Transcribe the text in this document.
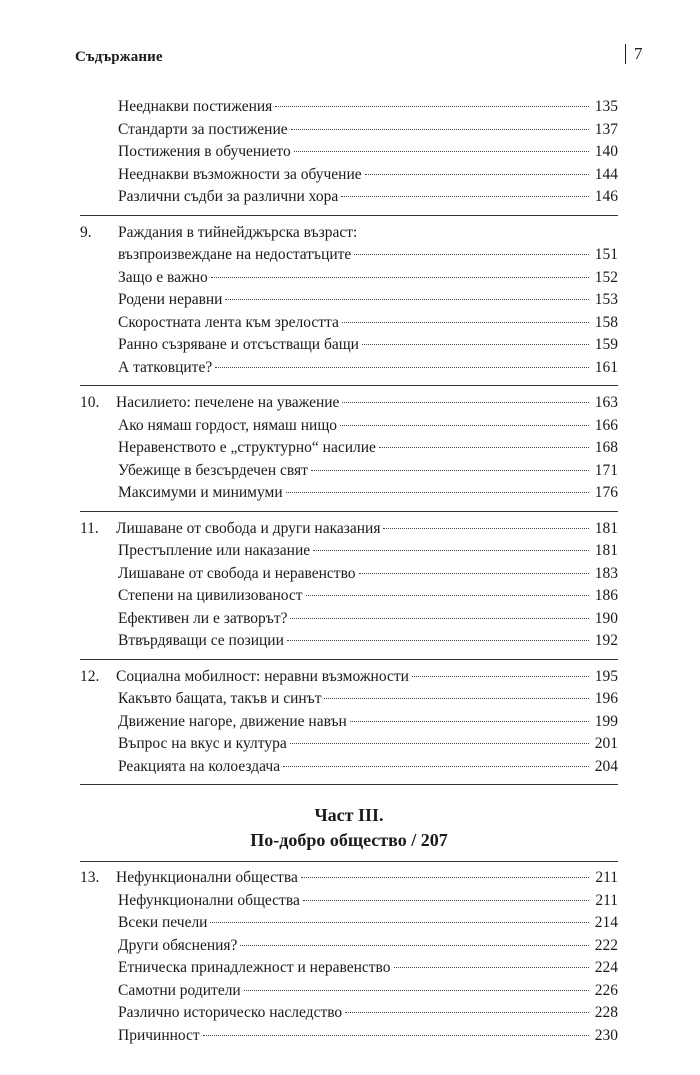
Съдържание	7
Нееднакви постижения	135
Стандарти за постижение	137
Постижения в обучението	140
Нееднакви възможности за обучение	144
Различни съдби за различни хора	146
9.	Раждания в тийнейджърска възраст:
възпроизвеждане на недостатъците	151
Защо е важно	152
Родени неравни	153
Скоростната лента към зрелостта	158
Ранно съзряване и отсъстващи бащи	159
А татковците?	161
10.	Насилието: печелене на уважение	163
Ако нямаш гордост, нямаш нищо	166
Неравенството е „структурно“ насилие	168
Убежище в безсърдечен свят	171
Максимуми и минимуми	176
11.	Лишаване от свобода и други наказания	181
Престъпление или наказание	181
Лишаване от свобода и неравенство	183
Степени на цивилизованост	186
Ефективен ли е затворът?	190
Втвърдяващи се позиции	192
12.	Социална мобилност: неравни възможности	195
Какъвто бащата, такъв и синът	196
Движение нагоре, движение навън	199
Въпрос на вкус и култура	201
Реакцията на колоездача	204
Част III.
По-добро общество / 207
13.	Нефункционални общества	211
Нефункционални общества	211
Всеки печели	214
Други обяснения?	222
Етническа принадлежност и неравенство	224
Самотни родители	226
Различно историческо наследство	228
Причинност	230
